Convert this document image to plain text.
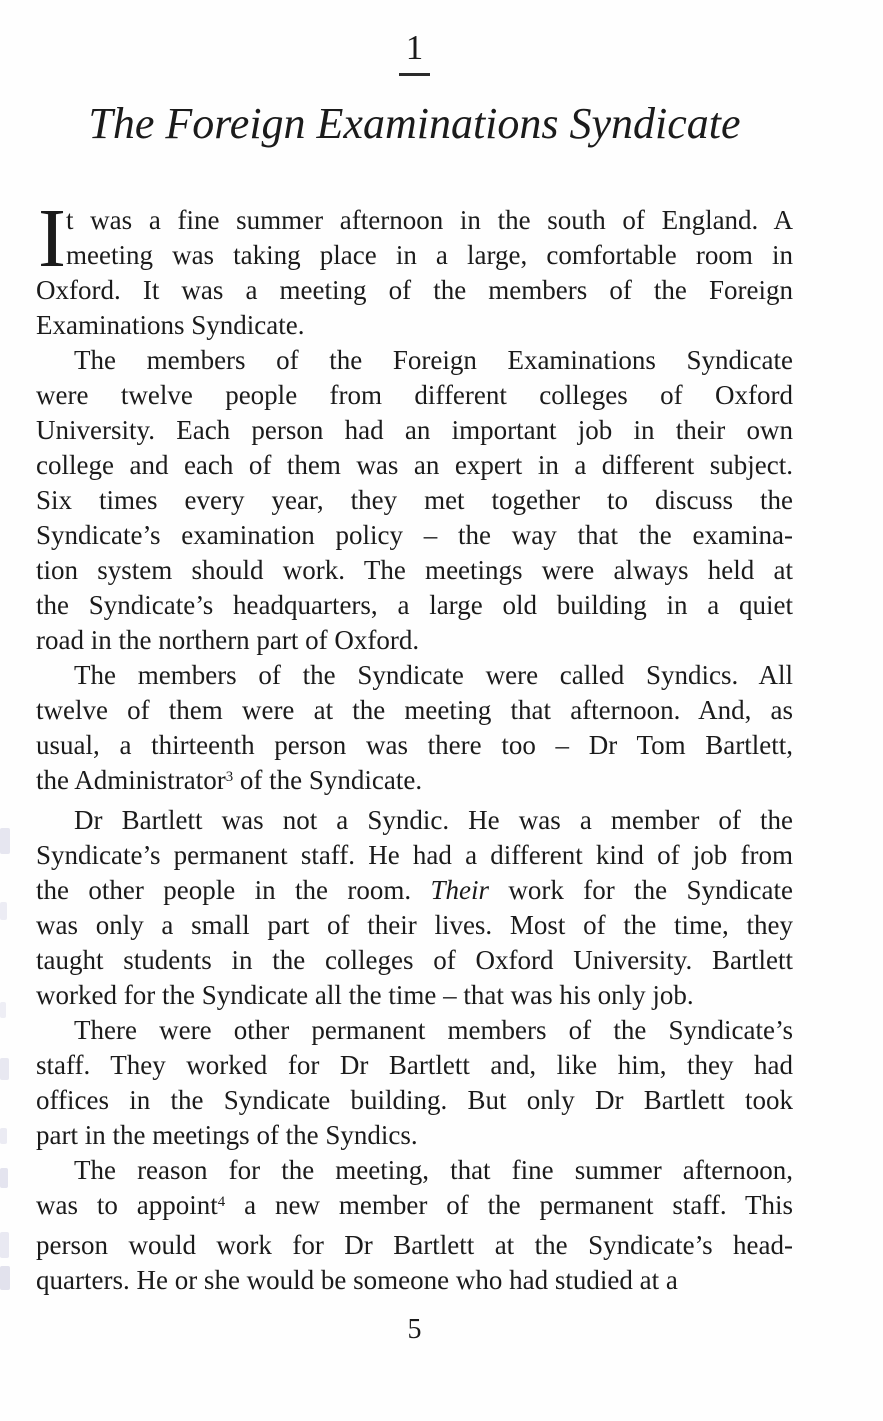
1
The Foreign Examinations Syndicate
I t was a fine summer afternoon in the south of England. A
meeting was taking place in a large, comfortable room in
Oxford. It was a meeting of the members of the Foreign
Examinations Syndicate.
The members of the Foreign Examinations Syndicate
were twelve people from different colleges of Oxford
University. Each person had an important job in their own
college and each of them was an expert in a different subject.
Six times every year, they met together to discuss the
Syndicate’s examination policy – the way that the examina-
tion system should work. The meetings were always held at
the Syndicate’s headquarters, a large old building in a quiet
road in the northern part of Oxford.
The members of the Syndicate were called Syndics. All
twelve of them were at the meeting that afternoon. And, as
usual, a thirteenth person was there too – Dr Tom Bartlett,
the Administrator$^3$ of the Syndicate.
Dr Bartlett was not a Syndic. He was a member of the
Syndicate’s permanent staff. He had a different kind of job from
the other people in the room. Their work for the Syndicate
was only a small part of their lives. Most of the time, they
taught students in the colleges of Oxford University. Bartlett
worked for the Syndicate all the time – that was his only job.
There were other permanent members of the Syndicate’s
staff. They worked for Dr Bartlett and, like him, they had
offices in the Syndicate building. But only Dr Bartlett took
part in the meetings of the Syndics.
The reason for the meeting, that fine summer afternoon,
was to appoint$^4$ a new member of the permanent staff. This
person would work for Dr Bartlett at the Syndicate’s head-
quarters. He or she would be someone who had studied at a
5
